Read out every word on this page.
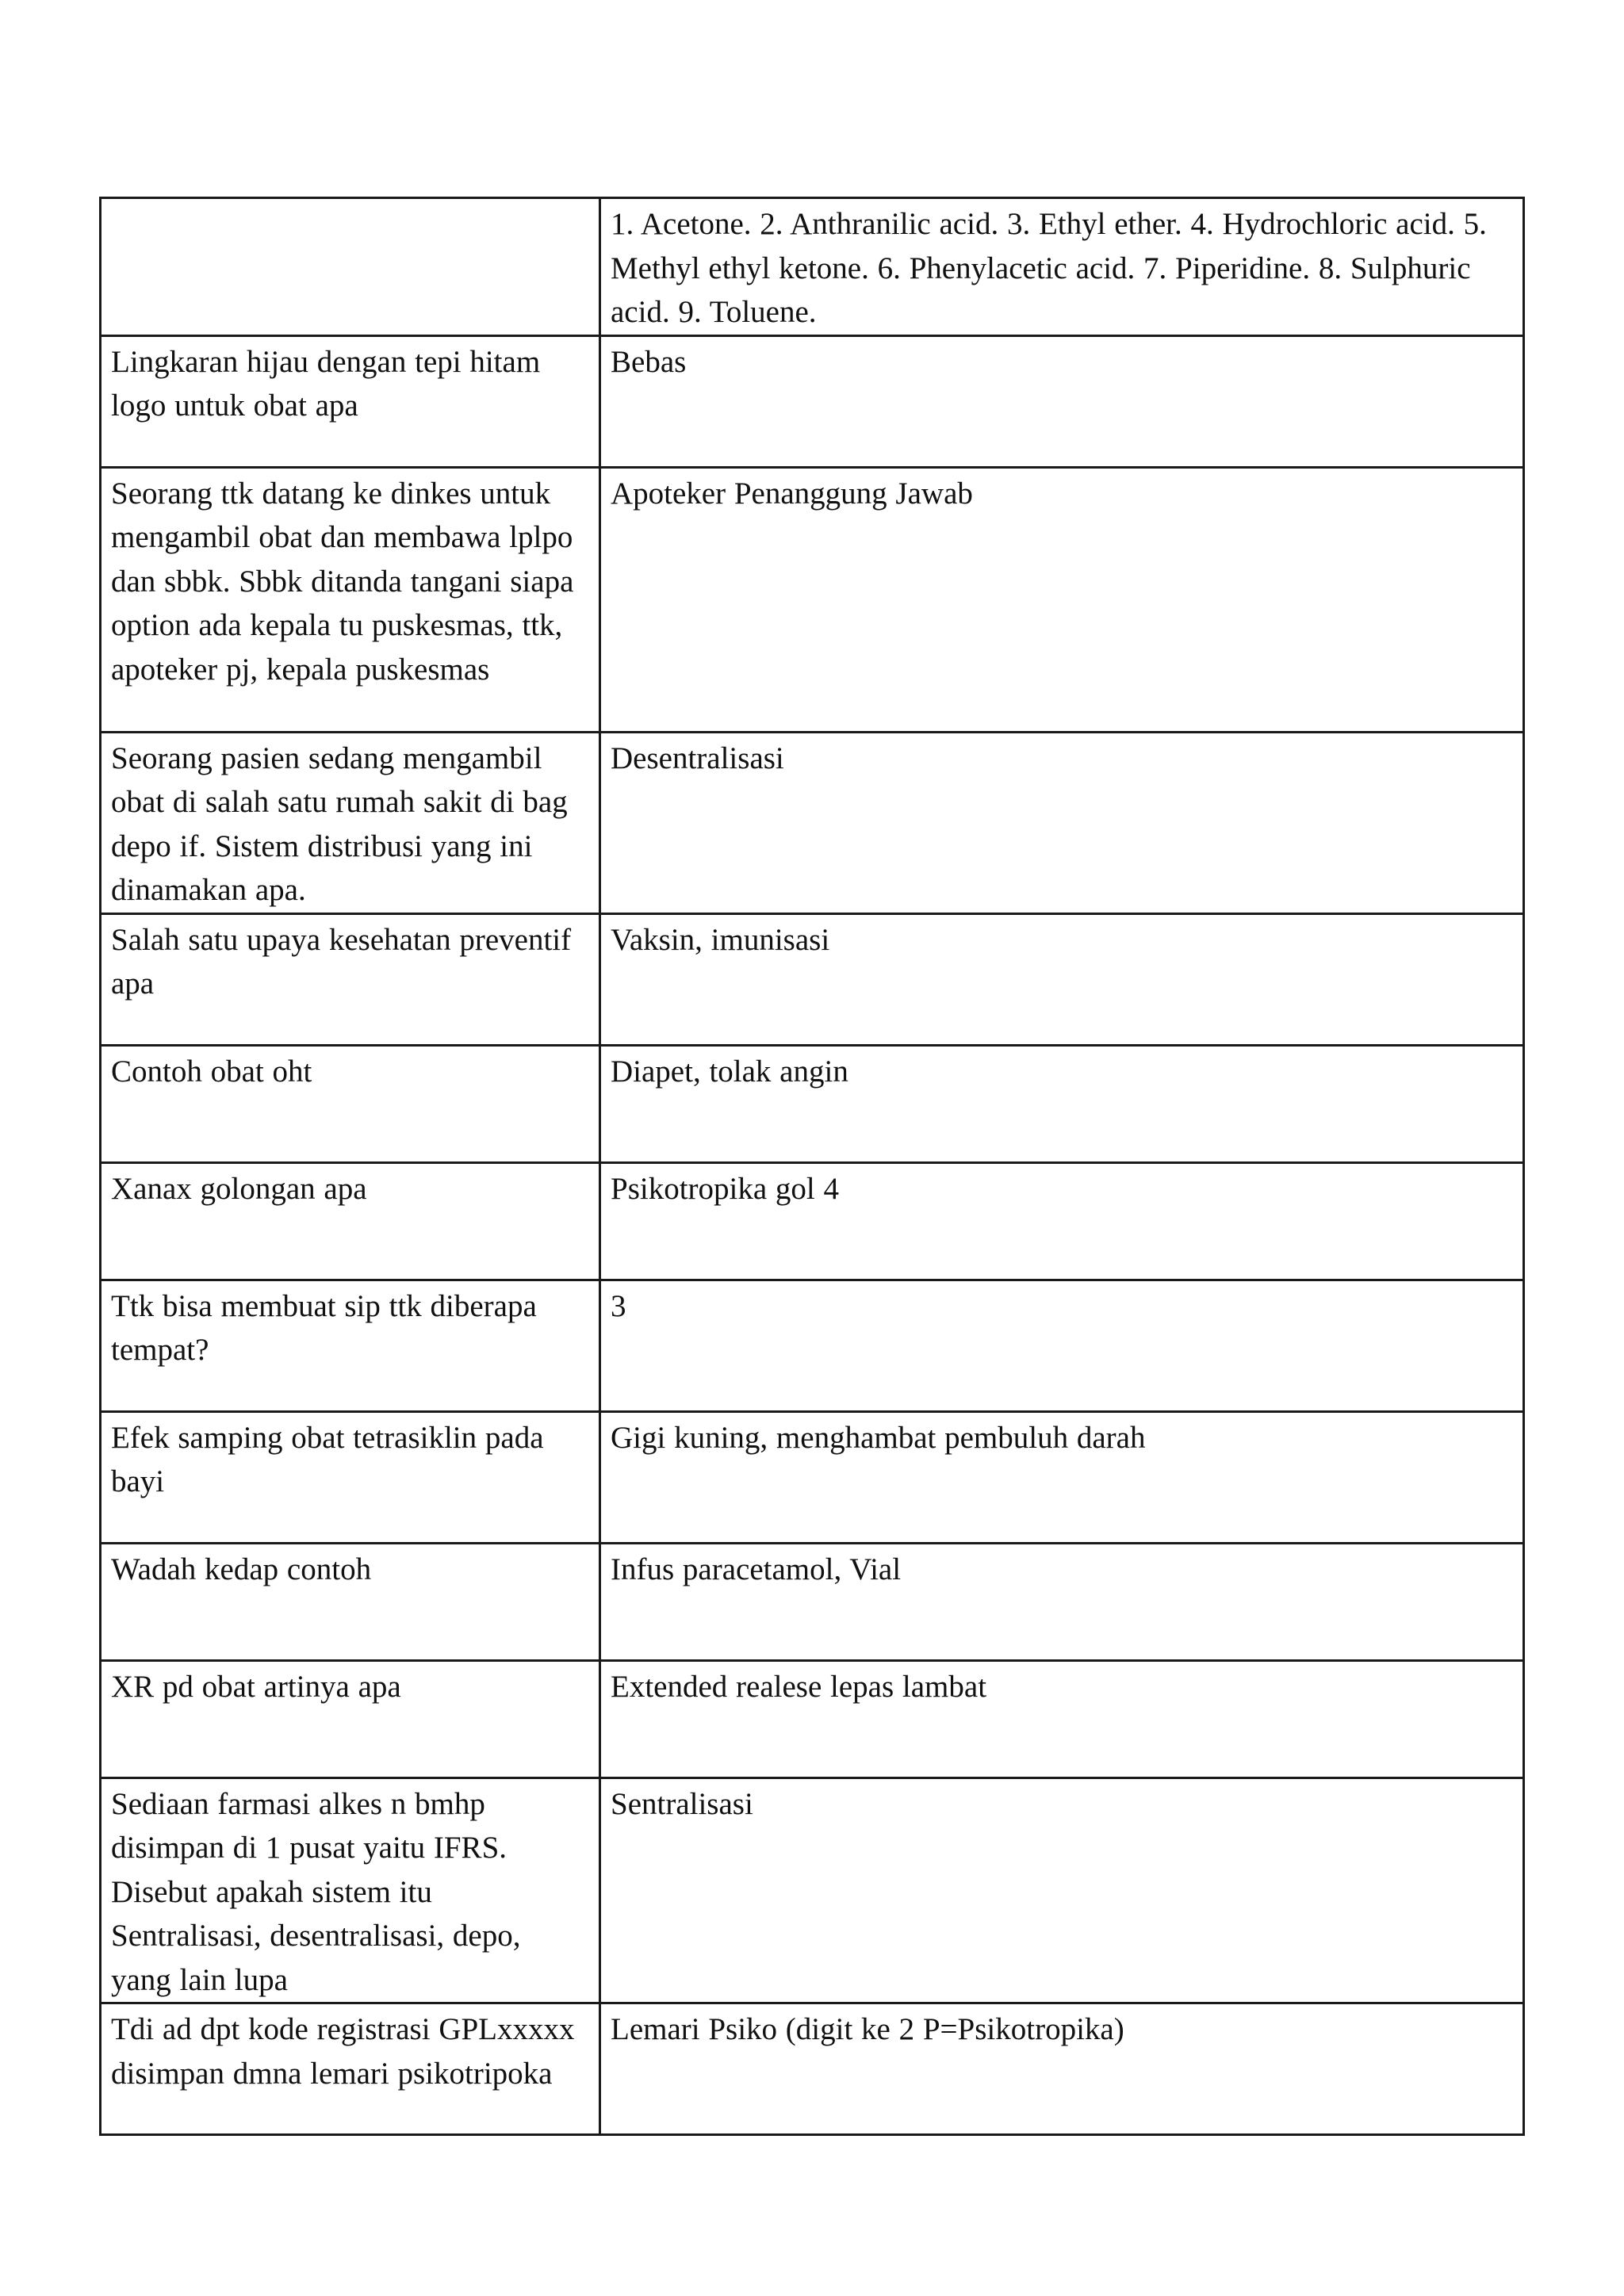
	1. Acetone. 2. Anthranilic acid. 3. Ethyl ether. 4. Hydrochloric acid. 5. Methyl ethyl ketone. 6. Phenylacetic acid. 7. Piperidine. 8. Sulphuric acid. 9. Toluene.
Lingkaran hijau dengan tepi hitam logo untuk obat apa	Bebas
Seorang ttk datang ke dinkes untuk mengambil obat dan membawa lplpo dan sbbk. Sbbk ditanda tangani siapa option ada kepala tu puskesmas, ttk, apoteker pj, kepala puskesmas	Apoteker Penanggung Jawab
Seorang pasien sedang mengambil obat di salah satu rumah sakit di bag depo if. Sistem distribusi yang ini dinamakan apa.	Desentralisasi
Salah satu upaya kesehatan preventif apa	Vaksin, imunisasi
Contoh obat oht	Diapet, tolak angin
Xanax golongan apa	Psikotropika gol 4
Ttk bisa membuat sip ttk diberapa tempat?	3
Efek samping obat tetrasiklin pada bayi	Gigi kuning, menghambat pembuluh darah
Wadah kedap contoh	Infus paracetamol, Vial
XR pd obat artinya apa	Extended realese lepas lambat
Sediaan farmasi alkes n bmhp disimpan di 1 pusat yaitu IFRS. Disebut apakah sistem itu Sentralisasi, desentralisasi, depo, yang lain lupa	Sentralisasi
Tdi ad dpt kode registrasi GPLxxxxx disimpan dmna lemari psikotripoka	Lemari Psiko (digit ke 2 P=Psikotropika)
